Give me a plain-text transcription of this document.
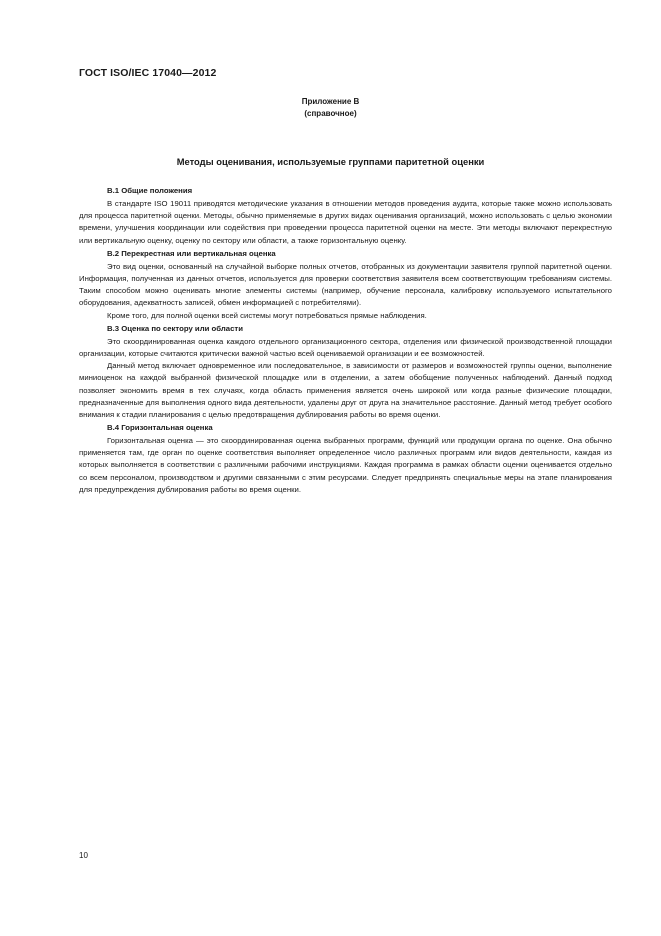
ГОСТ ISO/IEC 17040—2012
Приложение В
(справочное)
Методы оценивания, используемые группами паритетной оценки
В.1 Общие положения

В стандарте ISO 19011 приводятся методические указания в отношении методов проведения аудита, которые также можно использовать для процесса паритетной оценки. Методы, обычно применяемые в других видах оценивания организаций, можно использовать с целью экономии времени, улучшения координации или содействия при проведении процесса паритетной оценки на месте. Эти методы включают перекрестную или вертикальную оценку, оценку по сектору или области, а также горизонтальную оценку.

В.2 Перекрестная или вертикальная оценка

Это вид оценки, основанный на случайной выборке полных отчетов, отобранных из документации заявителя группой паритетной оценки. Информация, полученная из данных отчетов, используется для проверки соответствия заявителя всем соответствующим требованиям системы. Таким способом можно оценивать многие элементы системы (например, обучение персонала, калибровку используемого испытательного оборудования, адекватность записей, обмен информацией с потребителями).

Кроме того, для полной оценки всей системы могут потребоваться прямые наблюдения.

В.3 Оценка по сектору или области

Это скоординированная оценка каждого отдельного организационного сектора, отделения или физической производственной площадки организации, которые считаются критически важной частью всей оцениваемой организации и ее возможностей.

Данный метод включает одновременное или последовательное, в зависимости от размеров и возможностей группы оценки, выполнение миниоценок на каждой выбранной физической площадке или в отделении, а затем обобщение полученных наблюдений. Данный подход позволяет экономить время в тех случаях, когда область применения является очень широкой или когда разные физические площадки, предназначенные для выполнения одного вида деятельности, удалены друг от друга на значительное расстояние. Данный метод требует особого внимания к стадии планирования с целью предотвращения дублирования работы во время оценки.

В.4 Горизонтальная оценка

Горизонтальная оценка — это скоординированная оценка выбранных программ, функций или продукции органа по оценке. Она обычно применяется там, где орган по оценке соответствия выполняет определенное число различных программ или видов деятельности, каждая из которых выполняется в соответствии с различными рабочими инструкциями. Каждая программа в рамках области оценки оценивается отдельно со всем персоналом, производством и другими связанными с этим ресурсами. Следует предпринять специальные меры на этапе планирования для предупреждения дублирования работы во время оценки.

10
